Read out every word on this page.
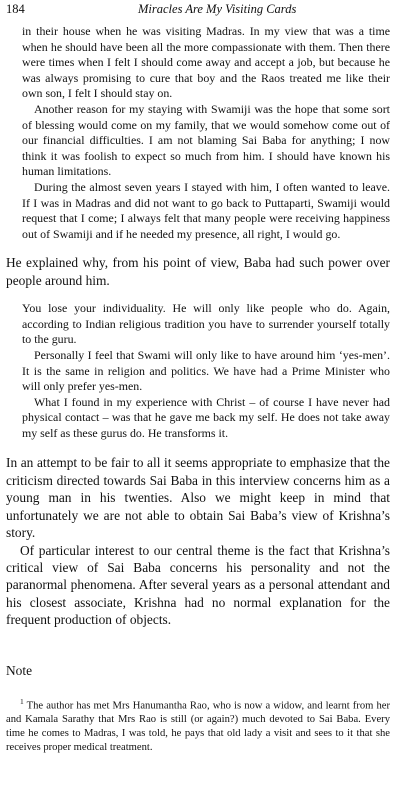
184	Miracles Are My Visiting Cards

in their house when he was visiting Madras. In my view that was a time when he should have been all the more compassionate with them. Then there were times when I felt I should come away and accept a job, but because he was always promising to cure that boy and the Raos treated me like their own son, I felt I should stay on.

Another reason for my staying with Swamiji was the hope that some sort of blessing would come on my family, that we would somehow come out of our financial difficulties. I am not blaming Sai Baba for anything; I now think it was foolish to expect so much from him. I should have known his human limitations.

During the almost seven years I stayed with him, I often wanted to leave. If I was in Madras and did not want to go back to Puttaparti, Swamiji would request that I come; I always felt that many people were receiving happiness out of Swamiji and if he needed my presence, all right, I would go.

He explained why, from his point of view, Baba had such power over people around him.

You lose your individuality. He will only like people who do. Again, according to Indian religious tradition you have to surrender yourself totally to the guru.

Personally I feel that Swami will only like to have around him ‘yes-men’. It is the same in religion and politics. We have had a Prime Minister who will only prefer yes-men.

What I found in my experience with Christ – of course I have never had physical contact – was that he gave me back my self. He does not take away my self as these gurus do. He transforms it.

In an attempt to be fair to all it seems appropriate to emphasize that the criticism directed towards Sai Baba in this interview concerns him as a young man in his twenties. Also we might keep in mind that unfortunately we are not able to obtain Sai Baba’s view of Krishna’s story.

Of particular interest to our central theme is the fact that Krishna’s critical view of Sai Baba concerns his personality and not the paranormal phenomena. After several years as a personal attendant and his closest associate, Krishna had no normal explanation for the frequent production of objects.

Note

$^1$ The author has met Mrs Hanumantha Rao, who is now a widow, and learnt from her and Kamala Sarathy that Mrs Rao is still (or again?) much devoted to Sai Baba. Every time he comes to Madras, I was told, he pays that old lady a visit and sees to it that she receives proper medical treatment.
